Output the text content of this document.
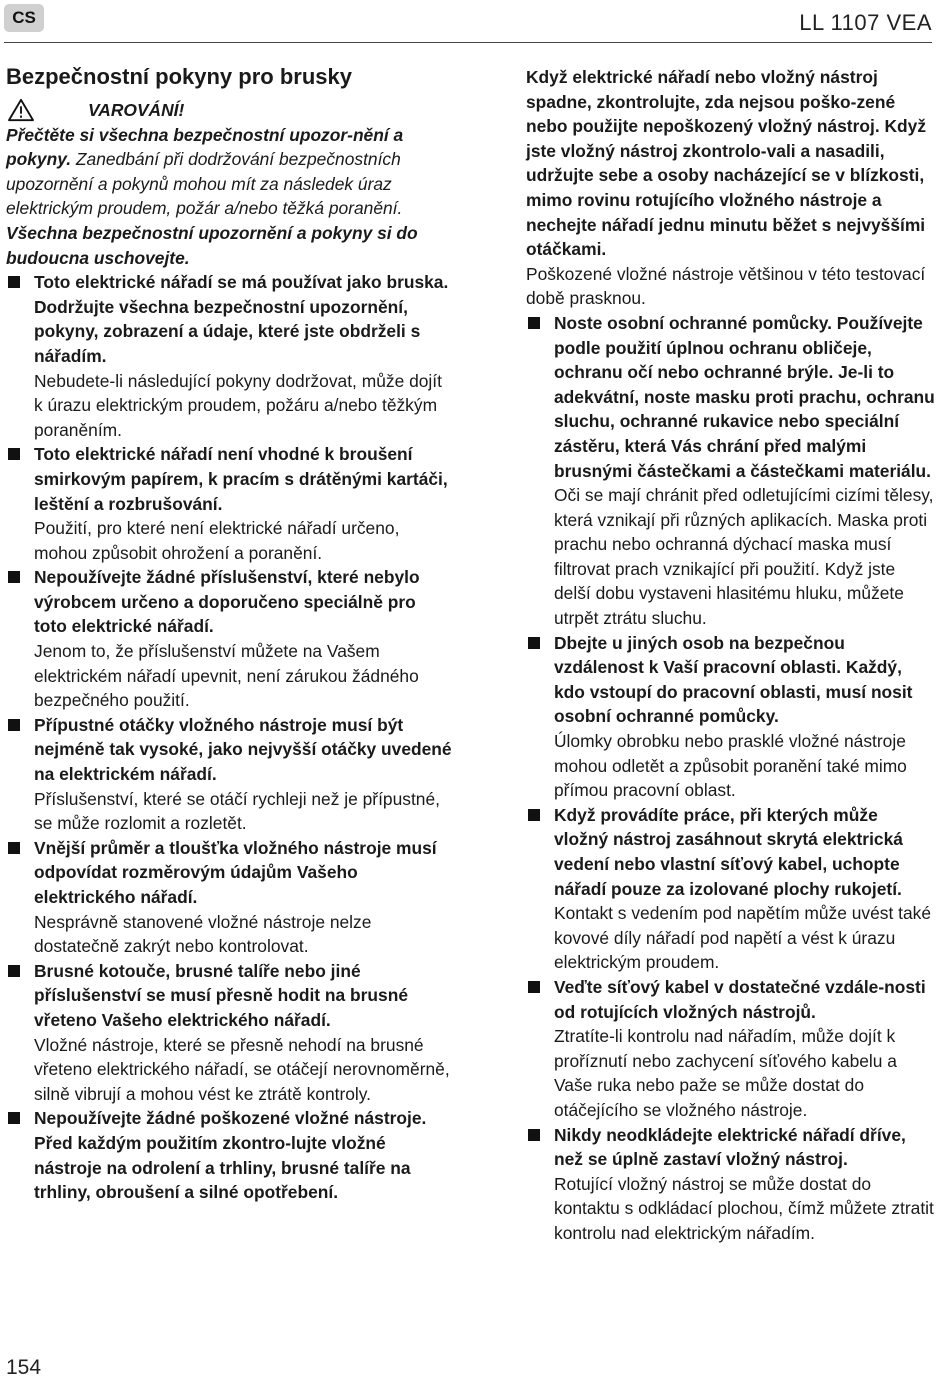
CS	LL 1107 VEA
Bezpečnostní pokyny pro brusky
VAROVÁNÍ!
Přečtěte si všechna bezpečnostní upozor-nění a pokyny. Zanedbání při dodržování bezpečnostních upozornění a pokynů mohou mít za následek úraz elektrickým proudem, požár a/nebo těžká poranění. Všechna bezpečnostní upozornění a pokyny si do budoucna uschovejte.
Toto elektrické nářadí se má používat jako bruska. Dodržujte všechna bezpečnostní upozornění, pokyny, zobrazení a údaje, které jste obdrželi s nářadím.
Nebudete-li následující pokyny dodržovat, může dojít k úrazu elektrickým proudem, požáru a/nebo těžkým poraněním.
Toto elektrické nářadí není vhodné k broušení smirkovým papírem, k pracím s drátěnými kartáči, leštění a rozbrušování.
Použití, pro které není elektrické nářadí určeno, mohou způsobit ohrožení a poranění.
Nepoužívejte žádné příslušenství, které nebylo výrobcem určeno a doporučeno speciálně pro toto elektrické nářadí.
Jenom to, že příslušenství můžete na Vašem elektrickém nářadí upevnit, není zárukou žádného bezpečného použití.
Přípustné otáčky vložného nástroje musí být nejméně tak vysoké, jako nejvyšší otáčky uvedené na elektrickém nářadí.
Příslušenství, které se otáčí rychleji než je přípustné, se může rozlomit a rozletět.
Vnější průměr a tloušťka vložného nástroje musí odpovídat rozměrovým údajům Vašeho elektrického nářadí.
Nesprávně stanovené vložné nástroje nelze dostatečně zakrýt nebo kontrolovat.
Brusné kotouče, brusné talíře nebo jiné příslušenství se musí přesně hodit na brusné vřeteno Vašeho elektrického nářadí.
Vložné nástroje, které se přesně nehodí na brusné vřeteno elektrického nářadí, se otáčejí nerovnoměrně, silně vibrují a mohou vést ke ztrátě kontroly.
Nepoužívejte žádné poškozené vložné nástroje. Před každým použitím zkontro-lujte vložné nástroje na odrolení a trhliny, brusné talíře na trhliny, obroušení a silné opotřebení.
Když elektrické nářadí nebo vložný nástroj spadne, zkontrolujte, zda nejsou poško-zené nebo použijte nepoškozený vložný nástroj. Když jste vložný nástroj zkontrolo-vali a nasadili, udržujte sebe a osoby nacházející se v blízkosti, mimo rovinu rotujícího vložného nástroje a nechejte nářadí jednu minutu běžet s nejvyššími otáčkami.
Poškozené vložné nástroje většinou v této testovací době prasknou.
Noste osobní ochranné pomůcky. Používejte podle použití úplnou ochranu obličeje, ochranu očí nebo ochranné brýle. Je-li to adekvátní, noste masku proti prachu, ochranu sluchu, ochranné rukavice nebo speciální zástěru, která Vás chrání před malými brusnými částečkami a částečkami materiálu.
Oči se mají chránit před odletujícími cizími tělesy, která vznikají při různých aplikacích. Maska proti prachu nebo ochranná dýchací maska musí filtrovat prach vznikající při použití. Když jste delší dobu vystaveni hlasitému hluku, můžete utrpět ztrátu sluchu.
Dbejte u jiných osob na bezpečnou vzdálenost k Vaší pracovní oblasti. Každý, kdo vstoupí do pracovní oblasti, musí nosit osobní ochranné pomůcky.
Úlomky obrobku nebo prasklé vložné nástroje mohou odletět a způsobit poranění také mimo přímou pracovní oblast.
Když provádíte práce, při kterých může vložný nástroj zasáhnout skrytá elektrická vedení nebo vlastní síťový kabel, uchopte nářadí pouze za izolované plochy rukojetí.
Kontakt s vedením pod napětím může uvést také kovové díly nářadí pod napětí a vést k úrazu elektrickým proudem.
Veďte síťový kabel v dostatečné vzdále-nosti od rotujících vložných nástrojů.
Ztratíte-li kontrolu nad nářadím, může dojít k proříznutí nebo zachycení síťového kabelu a Vaše ruka nebo paže se může dostat do otáčejícího se vložného nástroje.
Nikdy neodkládejte elektrické nářadí dříve, než se úplně zastaví vložný nástroj.
Rotující vložný nástroj se může dostat do kontaktu s odkládací plochou, čímž můžete ztratit kontrolu nad elektrickým nářadím.
154
